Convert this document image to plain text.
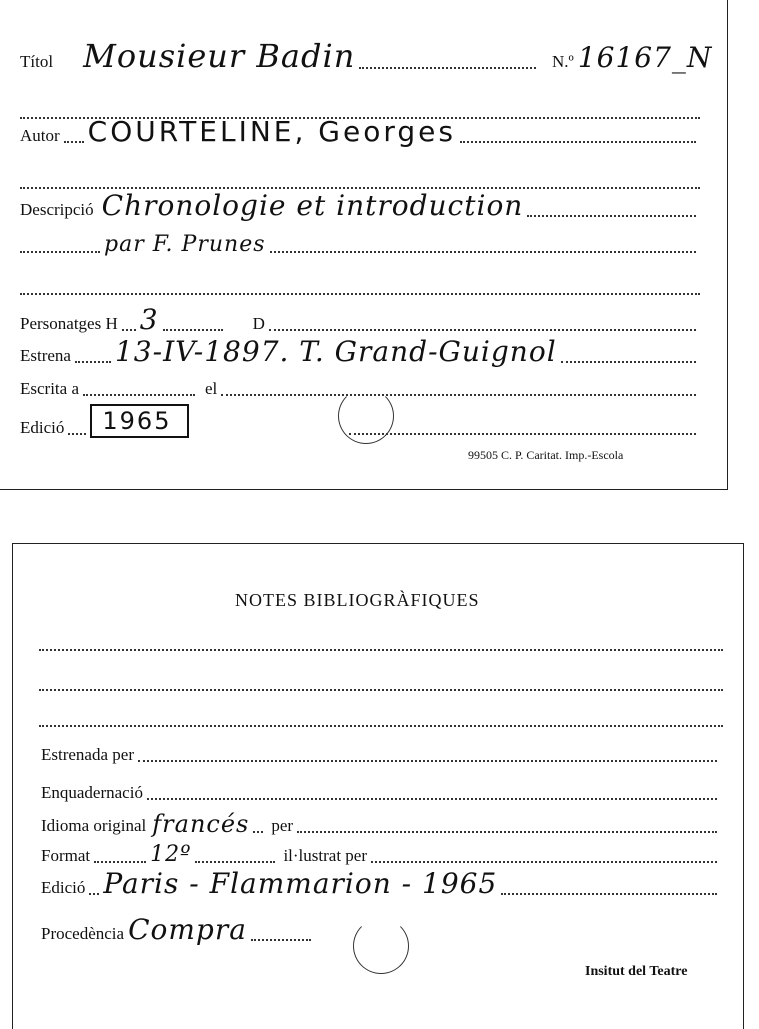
Títol Mousieur Badin	N.º 16167_N
Autor COURTELINE, Georges
Descripció Chronologie et introduction
par F. Prunes
Personatges H 3	D
Estrena 13-IV-1897. T. Grand-Guignol
Escrita a	el
Edició	1965
99505 C. P. Caritat. Imp.-Escola
NOTES BIBLIOGRÀFIQUES
Estrenada per
Enquadernació
Idioma original francés per
Format	12º	il·lustrat per
Edició Paris - Flammarion - 1965
Procedència Compra
Insitut del Teatre
